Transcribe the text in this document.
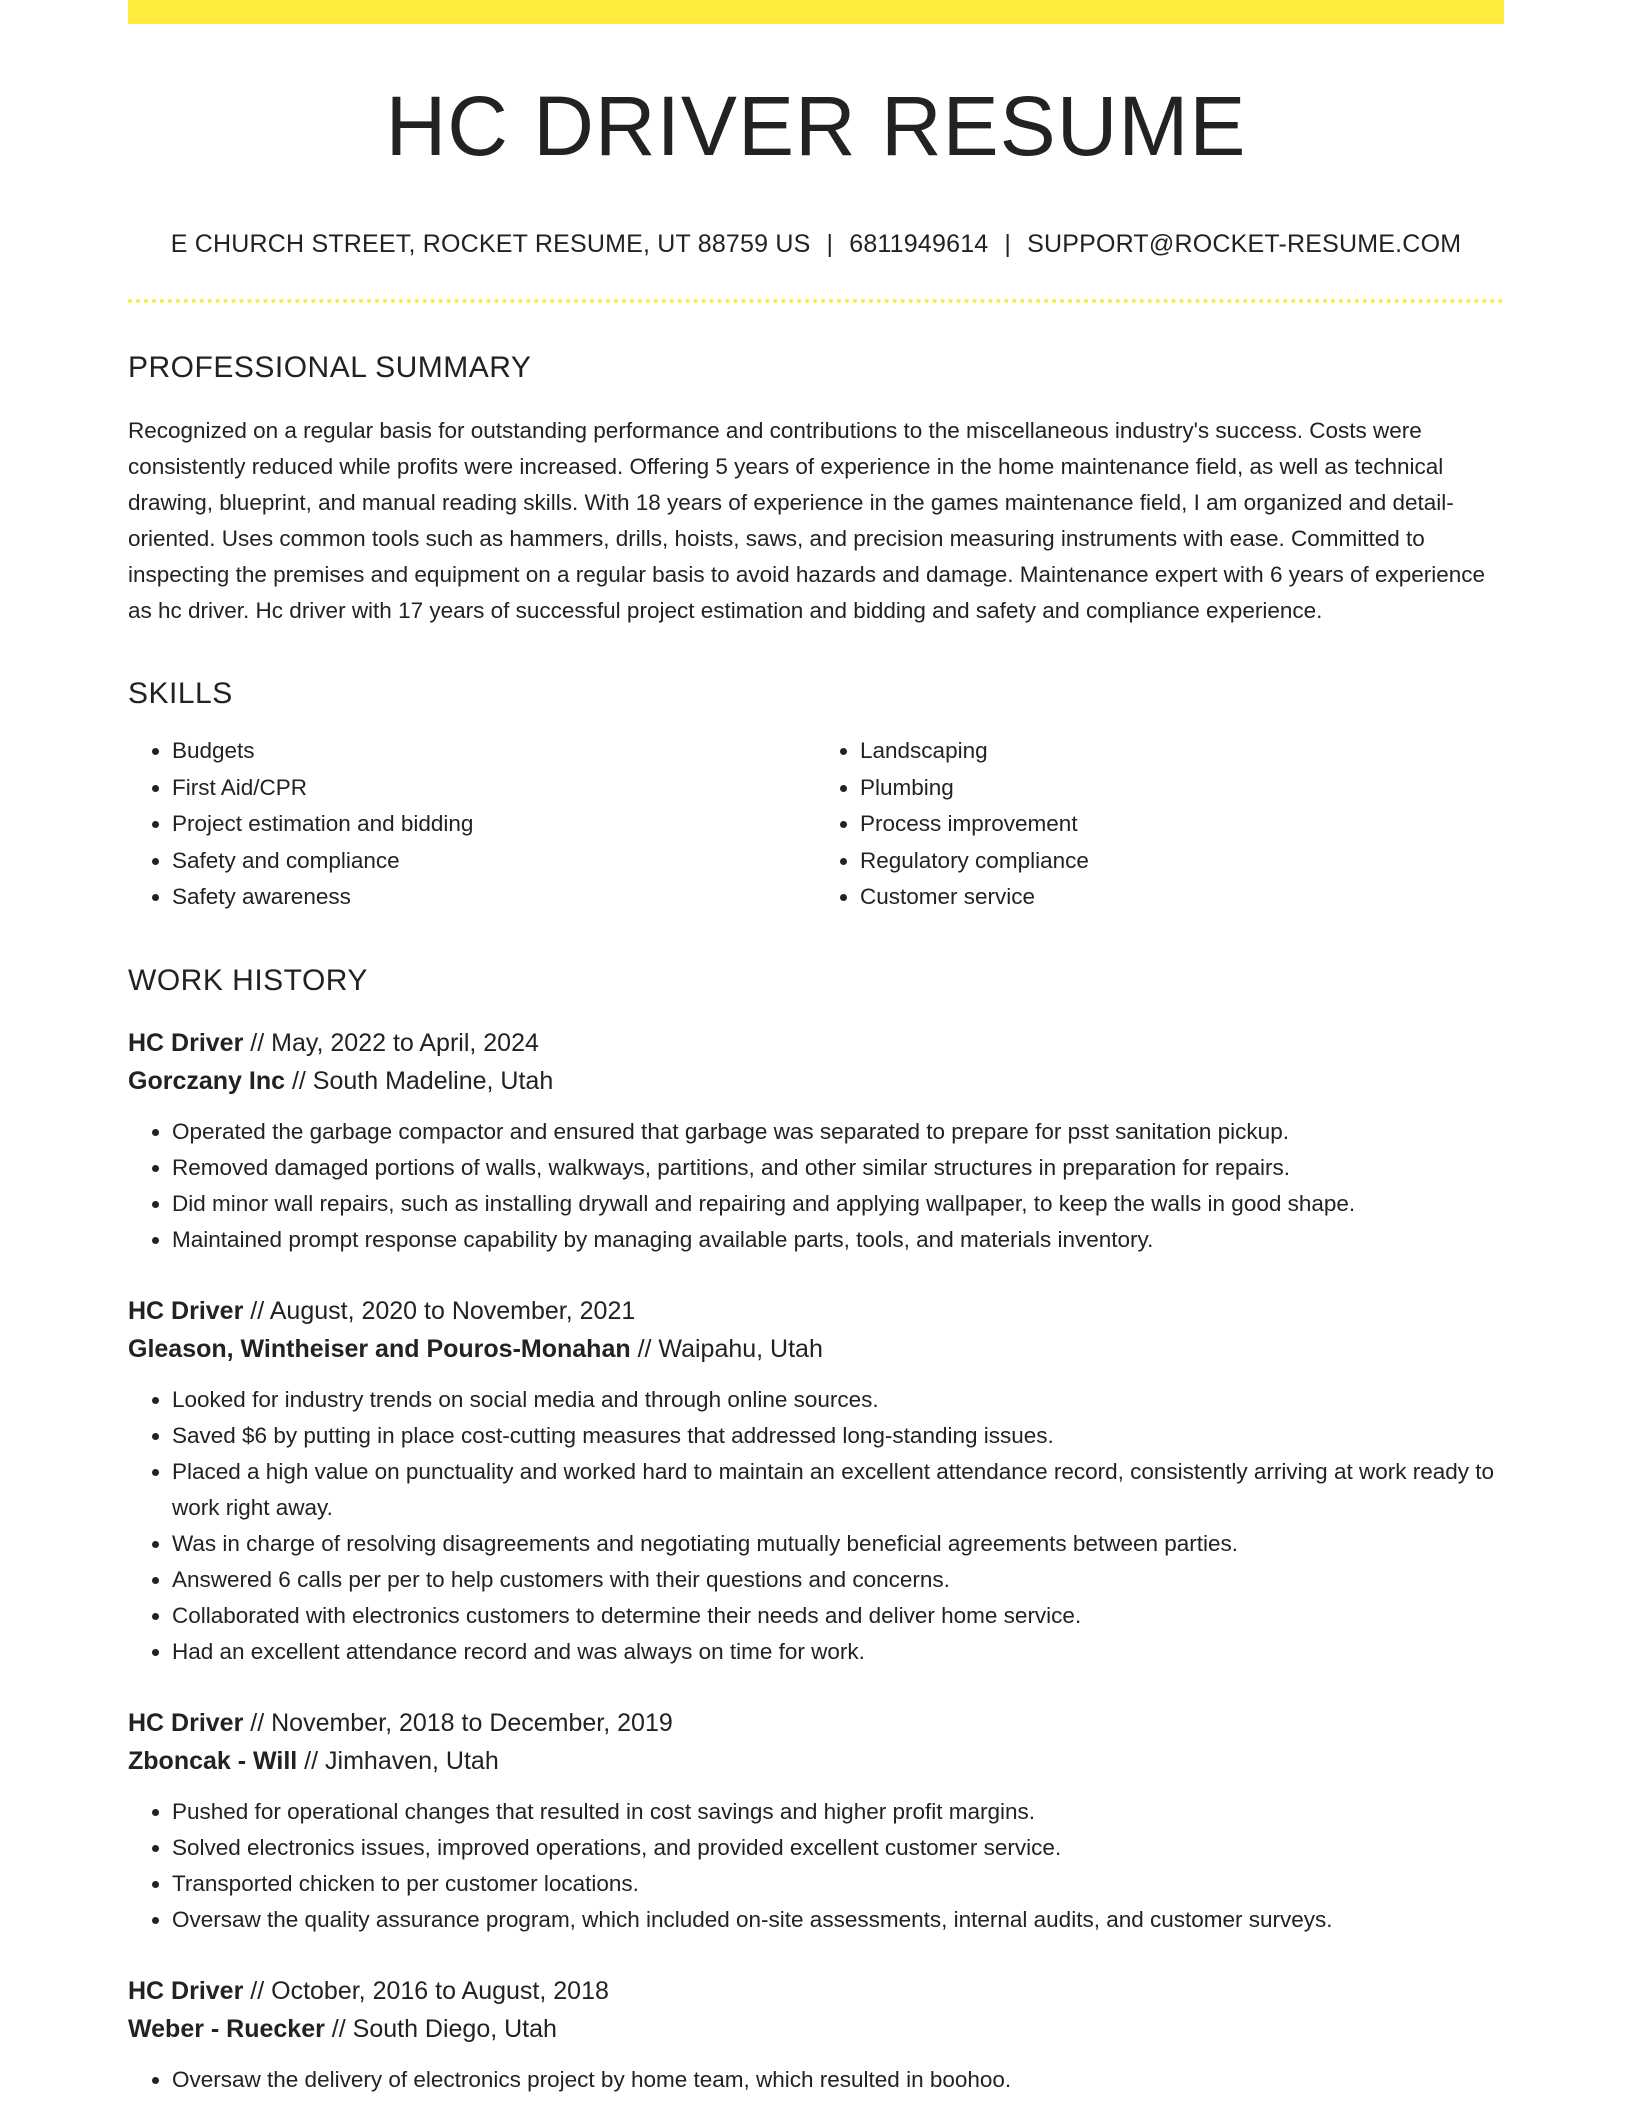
HC DRIVER RESUME
E CHURCH STREET, ROCKET RESUME, UT 88759 US | 6811949614 | SUPPORT@ROCKET-RESUME.COM
PROFESSIONAL SUMMARY

Recognized on a regular basis for outstanding performance and contributions to the miscellaneous industry's success. Costs were consistently reduced while profits were increased. Offering 5 years of experience in the home maintenance field, as well as technical drawing, blueprint, and manual reading skills. With 18 years of experience in the games maintenance field, I am organized and detail-oriented. Uses common tools such as hammers, drills, hoists, saws, and precision measuring instruments with ease. Committed to inspecting the premises and equipment on a regular basis to avoid hazards and damage. Maintenance expert with 6 years of experience as hc driver. Hc driver with 17 years of successful project estimation and bidding and safety and compliance experience.

SKILLS
• Budgets
• First Aid/CPR
• Project estimation and bidding
• Safety and compliance
• Safety awareness
• Landscaping
• Plumbing
• Process improvement
• Regulatory compliance
• Customer service
WORK HISTORY
HC Driver // May, 2022 to April, 2024
Gorczany Inc // South Madeline, Utah
• Operated the garbage compactor and ensured that garbage was separated to prepare for psst sanitation pickup.
• Removed damaged portions of walls, walkways, partitions, and other similar structures in preparation for repairs.
• Did minor wall repairs, such as installing drywall and repairing and applying wallpaper, to keep the walls in good shape.
• Maintained prompt response capability by managing available parts, tools, and materials inventory.
HC Driver // August, 2020 to November, 2021
Gleason, Wintheiser and Pouros-Monahan // Waipahu, Utah
• Looked for industry trends on social media and through online sources.
• Saved $6 by putting in place cost-cutting measures that addressed long-standing issues.
• Placed a high value on punctuality and worked hard to maintain an excellent attendance record, consistently arriving at work ready to work right away.
• Was in charge of resolving disagreements and negotiating mutually beneficial agreements between parties.
• Answered 6 calls per per to help customers with their questions and concerns.
• Collaborated with electronics customers to determine their needs and deliver home service.
• Had an excellent attendance record and was always on time for work.
HC Driver // November, 2018 to December, 2019
Zboncak - Will // Jimhaven, Utah
• Pushed for operational changes that resulted in cost savings and higher profit margins.
• Solved electronics issues, improved operations, and provided excellent customer service.
• Transported chicken to per customer locations.
• Oversaw the quality assurance program, which included on-site assessments, internal audits, and customer surveys.
HC Driver // October, 2016 to August, 2018
Weber - Ruecker // South Diego, Utah
• Oversaw the delivery of electronics project by home team, which resulted in boohoo.
